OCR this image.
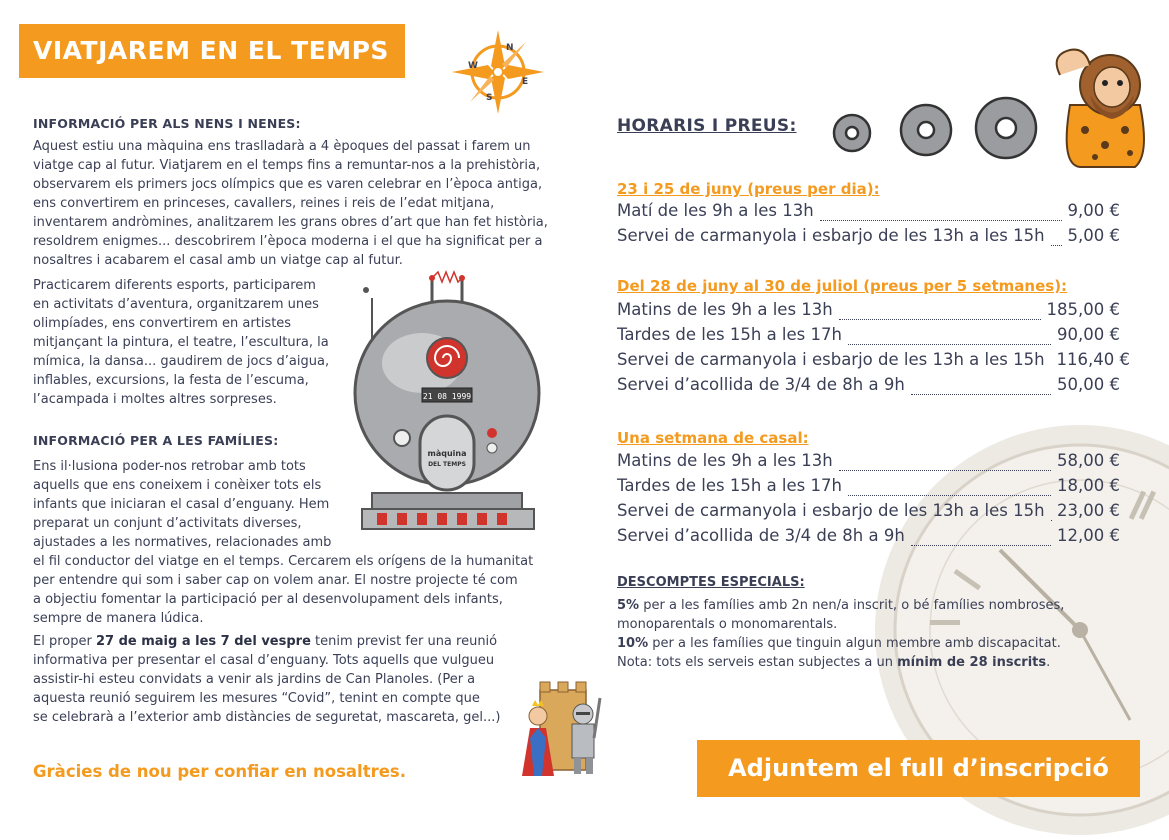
VIATJAREM EN EL TEMPS	N
E
S
W
INFORMACIÓ PER ALS NENS I NENES:
Aquest estiu una màquina ens traslladarà a 4 èpoques del passat i farem un
viatge cap al futur. Viatjarem en el temps fins a remuntar-nos a la prehistòria,
observarem els primers jocs olímpics que es varen celebrar en l’època antiga,
ens convertirem en princeses, cavallers, reines i reis de l’edat mitjana,
inventarem andròmines, analitzarem les grans obres d’art que han fet història,
resoldrem enigmes... descobrirem l’època moderna i el que ha significat per a
nosaltres i acabarem el casal amb un viatge cap al futur.
Practicarem diferents esports, participarem
en activitats d’aventura, organitzarem unes
olimpíades, ens convertirem en artistes
mitjançant la pintura, el teatre, l’escultura, la
mímica, la dansa... gaudirem de jocs d’aigua,
inflables, excursions, la festa de l’escuma,
l’acampada i moltes altres sorpreses.	21 08 1999
màquina
DEL TEMPS
INFORMACIÓ PER A LES FAMÍLIES:
Ens il·lusiona poder-nos retrobar amb tots
aquells que ens coneixem i conèixer tots els
infants que iniciaran el casal d’enguany. Hem
preparat un conjunt d’activitats diverses,
ajustades a les normatives, relacionades amb
el fil conductor del viatge en el temps. Cercarem els orígens de la humanitat
per entendre qui som i saber cap on volem anar. El nostre projecte té com
a objectiu fomentar la participació per al desenvolupament dels infants,
sempre de manera lúdica.
El proper 27 de maig a les 7 del vespre tenim previst fer una reunió
informativa per presentar el casal d’enguany. Tots aquells que vulgueu
assistir-hi esteu convidats a venir als jardins de Can Planoles. (Per a
aquesta reunió seguirem les mesures “Covid”, tenint en compte que
se celebrarà a l’exterior amb distàncies de seguretat, mascareta, gel...)
Gràcies de nou per confiar en nosaltres.
HORARIS I PREUS:
23 i 25 de juny (preus per dia):
Matí de les 9h a les 13h	9,00 €
Servei de carmanyola i esbarjo de les 13h a les 15h 5,00 €
Del 28 de juny al 30 de juliol (preus per 5 setmanes):
Matins de les 9h a les 13h	185,00 €
Tardes de les 15h a les 17h	90,00 €
Servei de carmanyola i esbarjo de les 13h a les 15h 116,40 €
Servei d’acollida de 3/4 de 8h a 9h	50,00 €
Una setmana de casal:
Matins de les 9h a les 13h	58,00 €
Tardes de les 15h a les 17h	18,00 €
Servei de carmanyola i esbarjo de les 13h a les 15h 23,00 €
Servei d’acollida de 3/4 de 8h a 9h	12,00 €
DESCOMPTES ESPECIALS:
5% per a les famílies amb 2n nen/a inscrit, o bé famílies nombroses,
monoparentals o monomarentals.
10% per a les famílies que tinguin algun membre amb discapacitat.
Nota: tots els serveis estan subjectes a un mínim de 28 inscrits.
Adjuntem el full d’inscripció
